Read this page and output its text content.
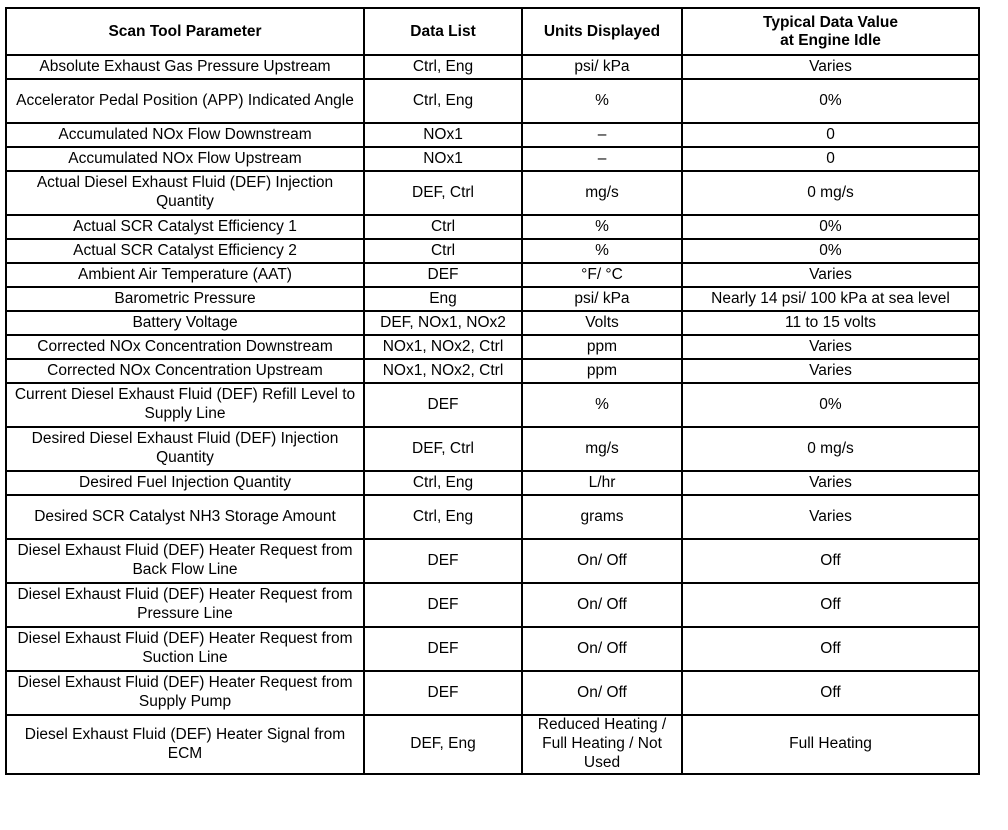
Scan Tool Parameter	Data List	Units Displayed	Typical Data Value
at Engine Idle
Absolute Exhaust Gas Pressure Upstream	Ctrl, Eng	psi/ kPa	Varies
Accelerator Pedal Position (APP) Indicated Angle	Ctrl, Eng	%	0%
Accumulated NOx Flow Downstream	NOx1	–	0
Accumulated NOx Flow Upstream	NOx1	–	0
Actual Diesel Exhaust Fluid (DEF) Injection Quantity	DEF, Ctrl	mg/s	0 mg/s
Actual SCR Catalyst Efficiency 1	Ctrl	%	0%
Actual SCR Catalyst Efficiency 2	Ctrl	%	0%
Ambient Air Temperature (AAT)	DEF	°F/ °C	Varies
Barometric Pressure	Eng	psi/ kPa	Nearly 14 psi/ 100 kPa at sea level
Battery Voltage	DEF, NOx1, NOx2	Volts	11 to 15 volts
Corrected NOx Concentration Downstream	NOx1, NOx2, Ctrl	ppm	Varies
Corrected NOx Concentration Upstream	NOx1, NOx2, Ctrl	ppm	Varies
Current Diesel Exhaust Fluid (DEF) Refill Level to Supply Line	DEF	%	0%
Desired Diesel Exhaust Fluid (DEF) Injection Quantity	DEF, Ctrl	mg/s	0 mg/s
Desired Fuel Injection Quantity	Ctrl, Eng	L/hr	Varies
Desired SCR Catalyst NH3 Storage Amount	Ctrl, Eng	grams	Varies
Diesel Exhaust Fluid (DEF) Heater Request from Back Flow Line	DEF	On/ Off	Off
Diesel Exhaust Fluid (DEF) Heater Request from Pressure Line	DEF	On/ Off	Off
Diesel Exhaust Fluid (DEF) Heater Request from Suction Line	DEF	On/ Off	Off
Diesel Exhaust Fluid (DEF) Heater Request from Supply Pump	DEF	On/ Off	Off
Diesel Exhaust Fluid (DEF) Heater Signal from ECM	DEF, Eng	Reduced Heating / Full Heating / Not Used	Full Heating
